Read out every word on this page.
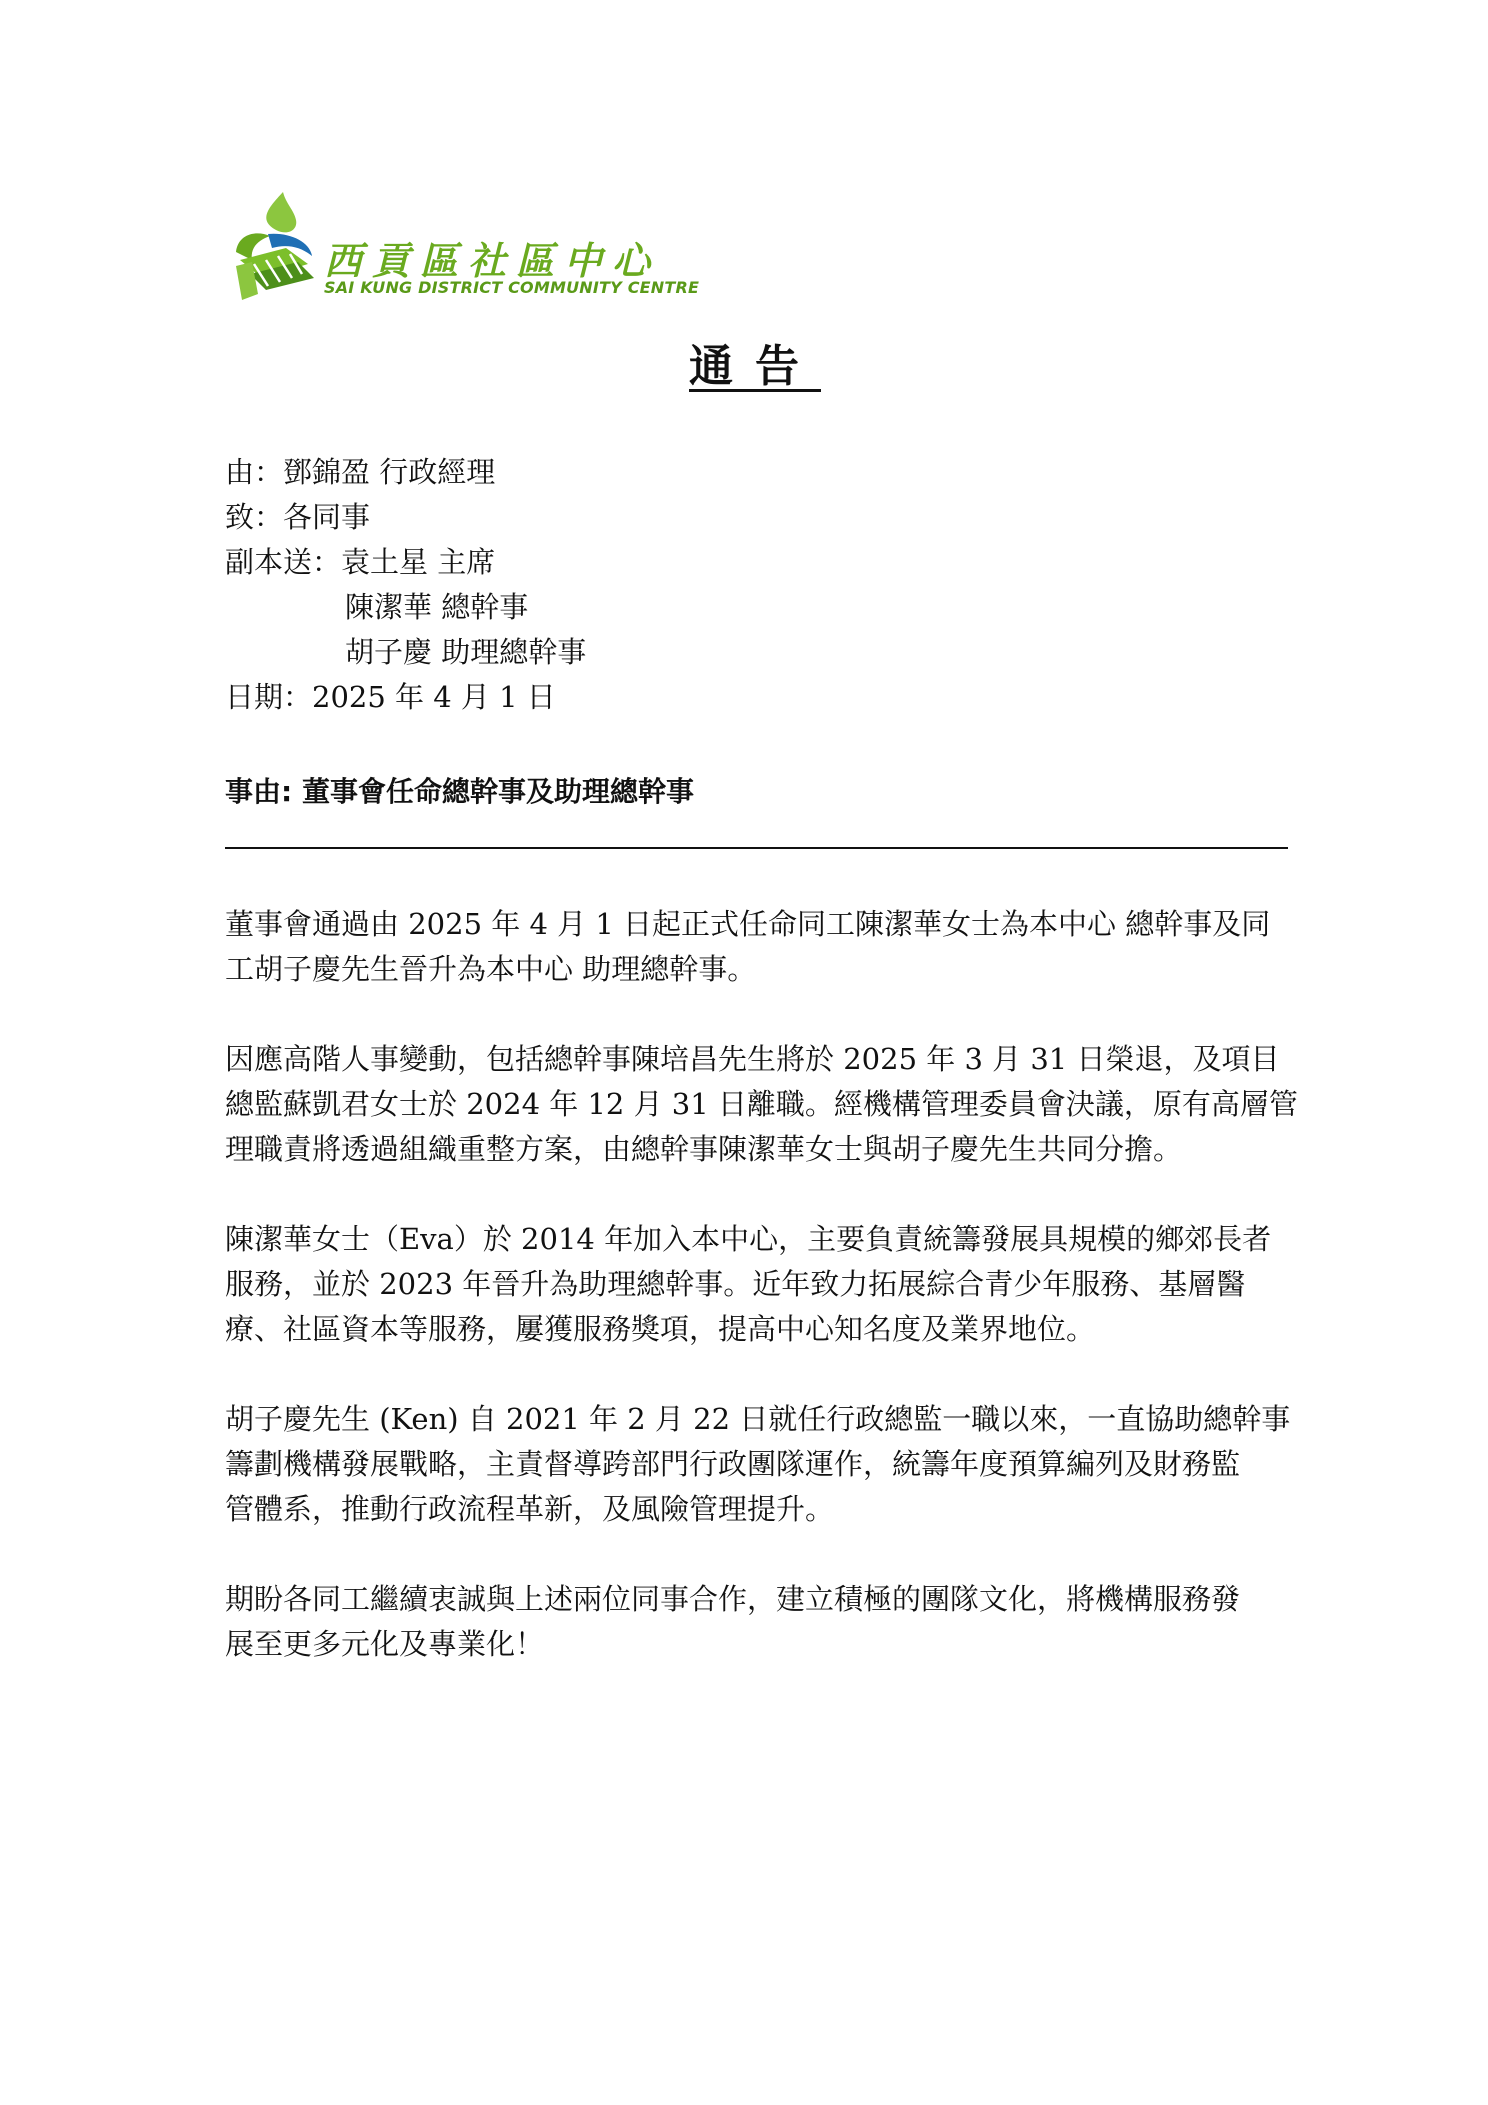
西貢區社區中心
SAI KUNG DISTRICT COMMUNITY CENTRE
通告
由：鄧錦盈 行政經理
致：各同事
副本送：袁土星 主席
陳潔華 總幹事
胡子慶 助理總幹事
日期：2025 年 4 月 1 日
事由: 董事會任命總幹事及助理總幹事

董事會通過由 2025 年 4 月 1 日起正式任命同工陳潔華女士為本中心 總幹事及同
工胡子慶先生晉升為本中心 助理總幹事。

因應高階人事變動，包括總幹事陳培昌先生將於 2025 年 3 月 31 日榮退，及項目
總監蘇凱君女士於 2024 年 12 月 31 日離職。經機構管理委員會決議，原有高層管
理職責將透過組織重整方案，由總幹事陳潔華女士與胡子慶先生共同分擔。

陳潔華女士（Eva）於 2014 年加入本中心，主要負責統籌發展具規模的鄉郊長者
服務，並於 2023 年晉升為助理總幹事。近年致力拓展綜合青少年服務、基層醫
療、社區資本等服務，屢獲服務獎項，提高中心知名度及業界地位。

胡子慶先生 (Ken) 自 2021 年 2 月 22 日就任行政總監一職以來，一直協助總幹事
籌劃機構發展戰略，主責督導跨部門行政團隊運作，統籌年度預算編列及財務監
管體系，推動行政流程革新，及風險管理提升。

期盼各同工繼續衷誠與上述兩位同事合作，建立積極的團隊文化，將機構服務發
展至更多元化及專業化！
